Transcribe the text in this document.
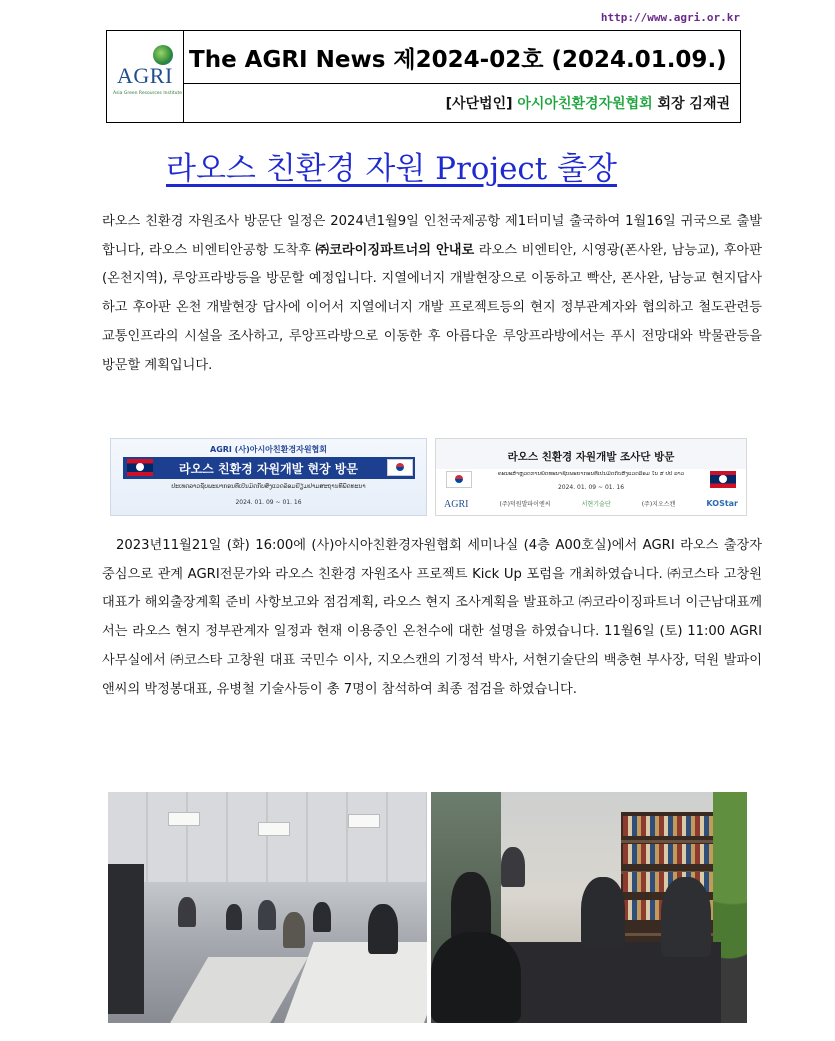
http://www.agri.or.kr
AGRI
Asia Green Resources Institute
The AGRI News 제2024-02호 (2024.01.09.)
[사단법인] 아시아친환경자원협회 회장 김재권
라오스 친환경 자원 Project 출장
라오스 친환경 자원조사 방문단 일정은 2024년1월9일 인천국제공항 제1터미널 출국하여 1월16일 귀국으로 출발합니다, 라오스 비엔티안공항 도착후 ㈜코라이징파트너의 안내로 라오스 비엔티안, 시영광(폰사완, 남능교), 후아판(온천지역), 루앙프라방등을 방문할 예정입니다. 지열에너지 개발현장으로 이동하고 빡산, 폰사완, 남능교 현지답사하고 후아판 온천 개발현장 답사에 이어서 지열에너지 개발 프로젝트등의 현지 정부관계자와 협의하고 철도관련등 교통인프라의 시설을 조사하고, 루앙프라방으로 이동한 후 아름다운 루앙프라방에서는 푸시 전망대와 박물관등을 방문할 계획입니다.
AGRI (사)아시아친환경자원협회
라오스 친환경 자원개발 현장 방문
ປະເທດລາວຊັບພະຍາກອນທີ່ເປັນມິດກັບສິ່ງແວດລ້ອມຢ້ຽມຢາມສະຖານທີ່ພັດທະນາ
2024. 01. 09 ~ 01. 16
라오스 친환경 자원개발 조사단 방문
ຄະນະສຳຫຼວດການພັດທະນາຊັບພະຍາກອນທີ່ເປັນມິດກັບສິ່ງແວດລ້ອມ ໃນ ສ ປປ ລາວ
2024. 01. 09 ~ 01. 16
AGRI	(주)덕원발파이엔씨	서현기술단	(주)지오스캔	KOStar
2023년11월21일 (화) 16:00에 (사)아시아친환경자원협회 세미나실 (4층 A00호실)에서 AGRI 라오스 출장자 중심으로 관계 AGRI전문가와 라오스 친환경 자원조사 프로젝트 Kick Up 포럼을 개최하였습니다. ㈜코스타 고창원 대표가 해외출장계획 준비 사항보고와 점검계획, 라오스 현지 조사계획을 발표하고 ㈜코라이징파트너 이근남대표께서는 라오스 현지 정부관계자 일정과 현재 이용중인 온천수에 대한 설명을 하였습니다. 11월6일 (토) 11:00 AGRI 사무실에서 ㈜코스타 고창원 대표 국민수 이사, 지오스캔의 기정석 박사, 서현기술단의 백충현 부사장, 덕원 발파이앤씨의 박정봉대표, 유병철 기술사등이 총 7명이 참석하여 최종 점검을 하였습니다.
